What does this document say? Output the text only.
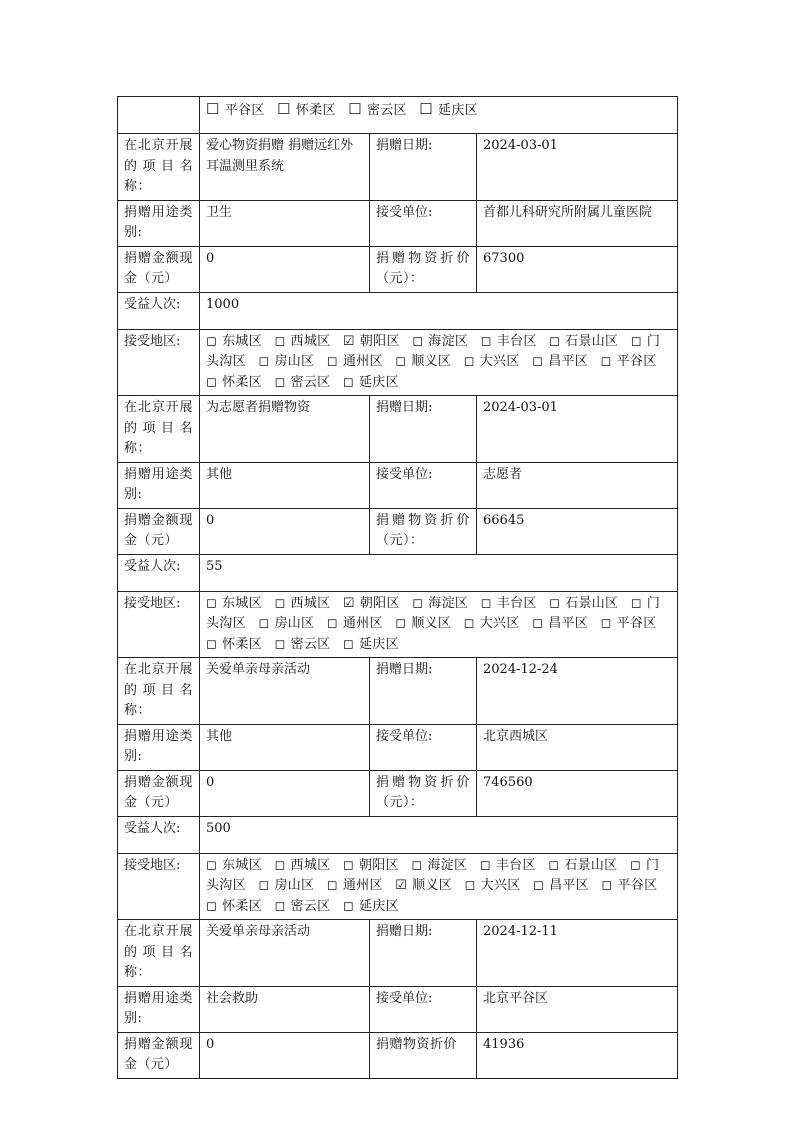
	☐ 平谷区 ☐ 怀柔区 ☐ 密云区 ☐ 延庆区		
在北京开展的项目名称：	爱心物资捐赠 捐赠远红外耳温测里系统	捐赠日期:	2024-03-01
捐赠用途类别:	卫生	接受单位:	首都儿科研究所附属儿童医院
捐赠金额现金（元）	0	捐赠物资折价（元）：	67300
受益人次:	1000		
接受地区:	◻ 东城区 ◻ 西城区 ☑ 朝阳区 ◻ 海淀区 ◻ 丰台区 ◻ 石景山区 ◻ 门头沟区 ◻ 房山区 ◻ 通州区 ◻ 顺义区 ◻ 大兴区 ◻ 昌平区 ◻ 平谷区 ◻ 怀柔区 ◻ 密云区 ◻ 延庆区		
在北京开展的项目名称：	为志愿者捐赠物资	捐赠日期:	2024-03-01
捐赠用途类别:	其他	接受单位:	志愿者
捐赠金额现金（元）	0	捐赠物资折价（元）：	66645
受益人次:	55		
接受地区:	◻ 东城区 ◻ 西城区 ☑ 朝阳区 ◻ 海淀区 ◻ 丰台区 ◻ 石景山区 ◻ 门头沟区 ◻ 房山区 ◻ 通州区 ◻ 顺义区 ◻ 大兴区 ◻ 昌平区 ◻ 平谷区 ◻ 怀柔区 ◻ 密云区 ◻ 延庆区		
在北京开展的项目名称：	关爱单亲母亲活动	捐赠日期:	2024-12-24
捐赠用途类别:	其他	接受单位:	北京西城区
捐赠金额现金（元）	0	捐赠物资折价（元）：	746560
受益人次:	500		
接受地区:	◻ 东城区 ◻ 西城区 ◻ 朝阳区 ◻ 海淀区 ◻ 丰台区 ◻ 石景山区 ◻ 门头沟区 ◻ 房山区 ◻ 通州区 ☑ 顺义区 ◻ 大兴区 ◻ 昌平区 ◻ 平谷区 ◻ 怀柔区 ◻ 密云区 ◻ 延庆区		
在北京开展的项目名称：	关爱单亲母亲活动	捐赠日期:	2024-12-11
捐赠用途类别:	社会救助	接受单位:	北京平谷区
捐赠金额现金（元）	0	捐赠物资折价	41936
